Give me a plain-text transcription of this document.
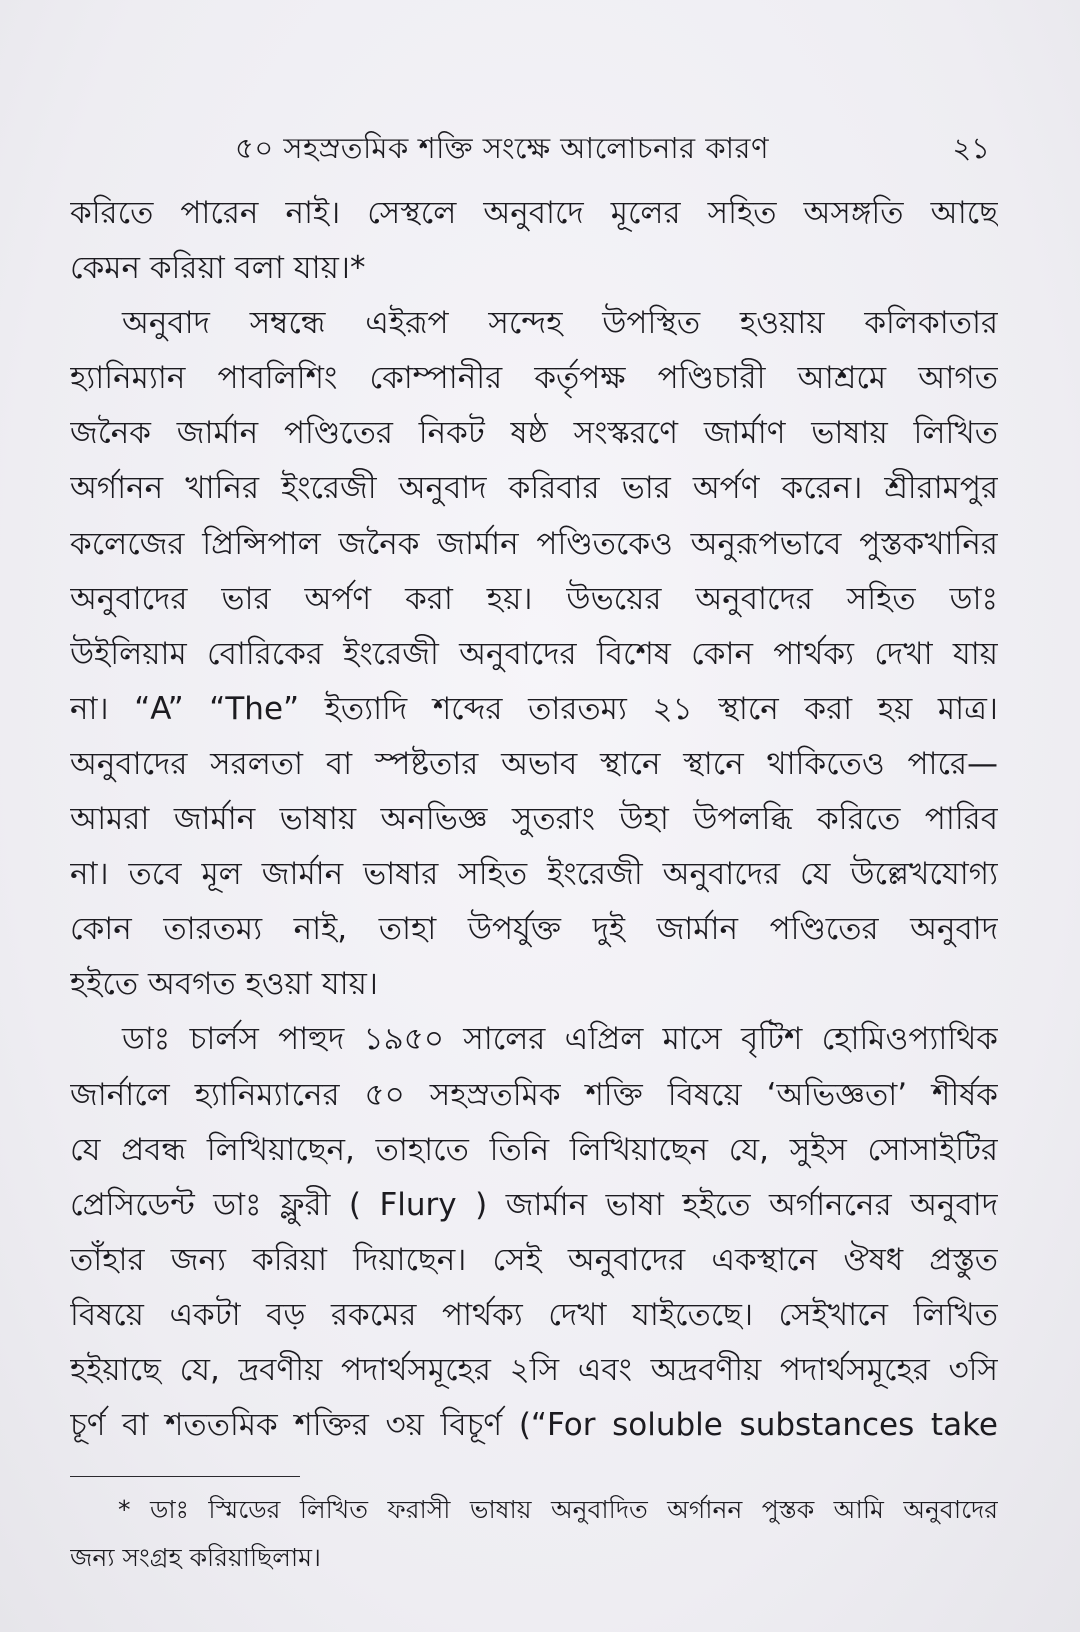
৫০ সহস্রতমিক শক্তি সংক্ষে আলোচনার কারণ	২১
করিতে পারেন নাই। সেস্থলে অনুবাদে মূলের সহিত অসঙ্গতি আছে
কেমন করিয়া বলা যায়।*
অনুবাদ সম্বন্ধে এইরূপ সন্দেহ উপস্থিত হওয়ায় কলিকাতার
হ্যানিম্যান পাবলিশিং কোম্পানীর কর্তৃপক্ষ পণ্ডিচারী আশ্রমে আগত
জনৈক জার্মান পণ্ডিতের নিকট ষষ্ঠ সংস্করণে জার্মাণ ভাষায় লিখিত
অর্গানন খানির ইংরেজী অনুবাদ করিবার ভার অর্পণ করেন। শ্রীরামপুর
কলেজের প্রিন্সিপাল জনৈক জার্মান পণ্ডিতকেও অনুরূপভাবে পুস্তকখানির
অনুবাদের ভার অর্পণ করা হয়। উভয়ের অনুবাদের সহিত ডাঃ
উইলিয়াম বোরিকের ইংরেজী অনুবাদের বিশেষ কোন পার্থক্য দেখা যায়
না। “A” “The” ইত্যাদি শব্দের তারতম্য ২১ স্থানে করা হয় মাত্র।
অনুবাদের সরলতা বা স্পষ্টতার অভাব স্থানে স্থানে থাকিতেও পারে—
আমরা জার্মান ভাষায় অনভিজ্ঞ সুতরাং উহা উপলব্ধি করিতে পারিব
না। তবে মূল জার্মান ভাষার সহিত ইংরেজী অনুবাদের যে উল্লেখযোগ্য
কোন তারতম্য নাই, তাহা উপর্যুক্ত দুই জার্মান পণ্ডিতের অনুবাদ
হইতে অবগত হওয়া যায়।
ডাঃ চার্লস পাহুদ ১৯৫০ সালের এপ্রিল মাসে বৃটিশ হোমিওপ্যাথিক
জার্নালে হ্যানিম্যানের ৫০ সহস্রতমিক শক্তি বিষয়ে ‘অভিজ্ঞতা’ শীর্ষক
যে প্রবন্ধ লিখিয়াছেন, তাহাতে তিনি লিখিয়াছেন যে, সুইস সোসাইটির
প্রেসিডেন্ট ডাঃ ফ্লুরী ( Flury ) জার্মান ভাষা হইতে অর্গাননের অনুবাদ
তাঁহার জন্য করিয়া দিয়াছেন। সেই অনুবাদের একস্থানে ঔষধ প্রস্তুত
বিষয়ে একটা বড় রকমের পার্থক্য দেখা যাইতেছে। সেইখানে লিখিত
হইয়াছে যে, দ্রবণীয় পদার্থসমূহের ২সি এবং অদ্রবণীয় পদার্থসমূহের ৩সি
চূর্ণ বা শততমিক শক্তির ৩য় বিচূর্ণ (“For soluble substances take
* ডাঃ স্মিডের লিখিত ফরাসী ভাষায় অনুবাদিত অর্গানন পুস্তক আমি অনুবাদের
জন্য সংগ্রহ করিয়াছিলাম।
